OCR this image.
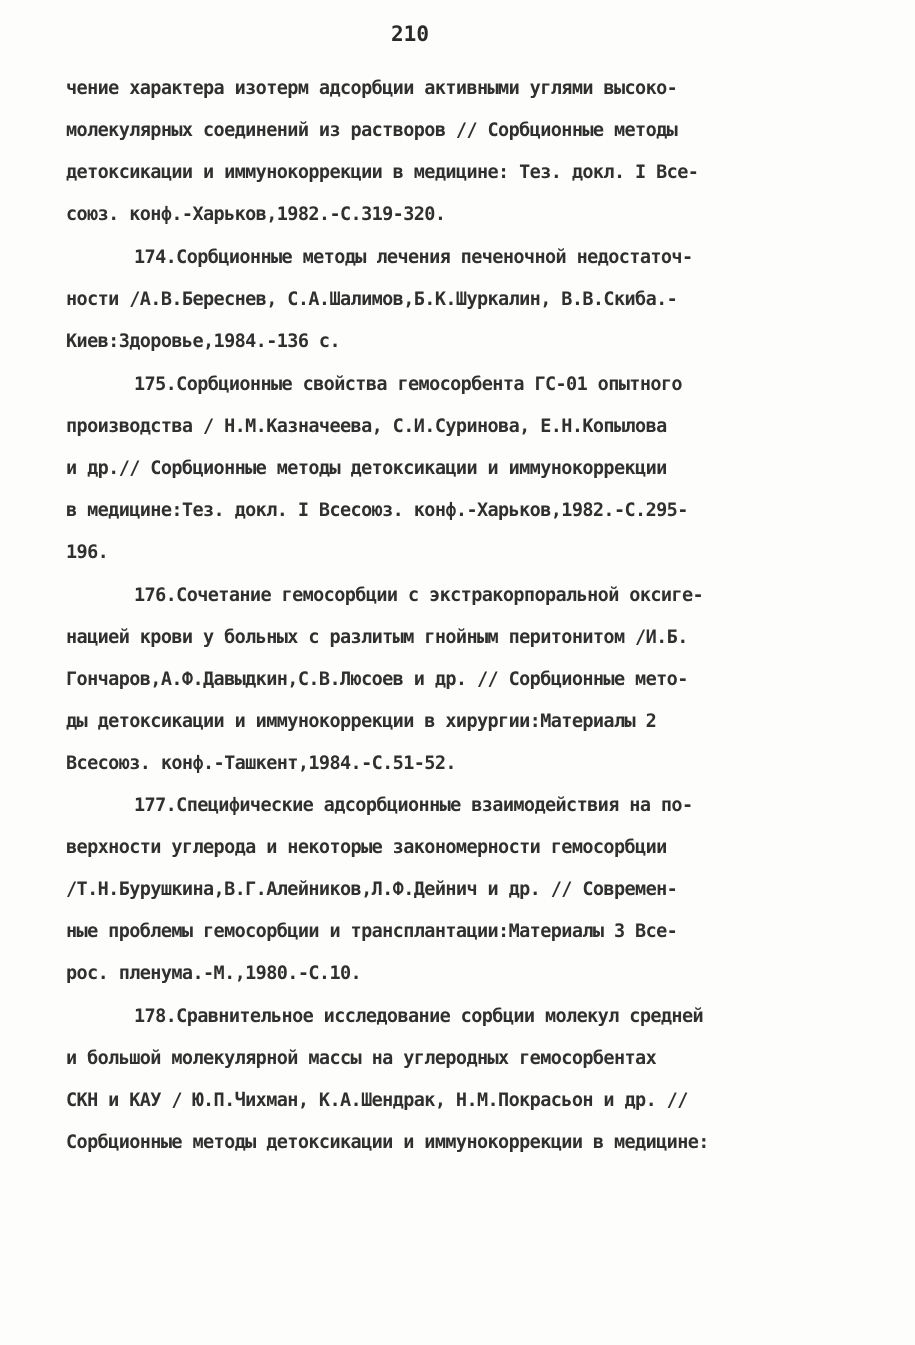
210
чение характера изотерм адсорбции активными углями высоко-
молекулярных соединений из растворов // Сорбционные методы
детоксикации и иммунокоррекции в медицине: Тез. докл. I Все-
союз. конф.-Харьков,1982.-С.319-320.
174.Сорбционные методы лечения печеночной недостаточ-
ности /А.В.Береснев, С.А.Шалимов,Б.К.Шуркалин, В.В.Скиба.-
Киев:Здоровье,1984.-136 с.
175.Сорбционные свойства гемосорбента ГС-01 опытного
производства / Н.М.Казначеева, С.И.Суринова, Е.Н.Копылова
и др.// Сорбционные методы детоксикации и иммунокоррекции
в медицине:Тез. докл. I Всесоюз. конф.-Харьков,1982.-С.295-
196.
176.Сочетание гемосорбции с экстракорпоральной оксиге-
нацией крови у больных с разлитым гнойным перитонитом /И.Б.
Гончаров,А.Ф.Давыдкин,С.В.Люсоев и др. // Сорбционные мето-
ды детоксикации и иммунокоррекции в хирургии:Материалы 2
Всесоюз. конф.-Ташкент,1984.-С.51-52.
177.Специфические адсорбционные взаимодействия на по-
верхности углерода и некоторые закономерности гемосорбции
/Т.Н.Бурушкина,В.Г.Алейников,Л.Ф.Дейнич и др. // Современ-
ные проблемы гемосорбции и трансплантации:Материалы 3 Все-
рос. пленума.-М.,1980.-С.10.
178.Сравнительное исследование сорбции молекул средней
и большой молекулярной массы на углеродных гемосорбентах
СКН и КАУ / Ю.П.Чихман, К.А.Шендрак, Н.М.Покрасьон и др. //
Сорбционные методы детоксикации и иммунокоррекции в медицине:
